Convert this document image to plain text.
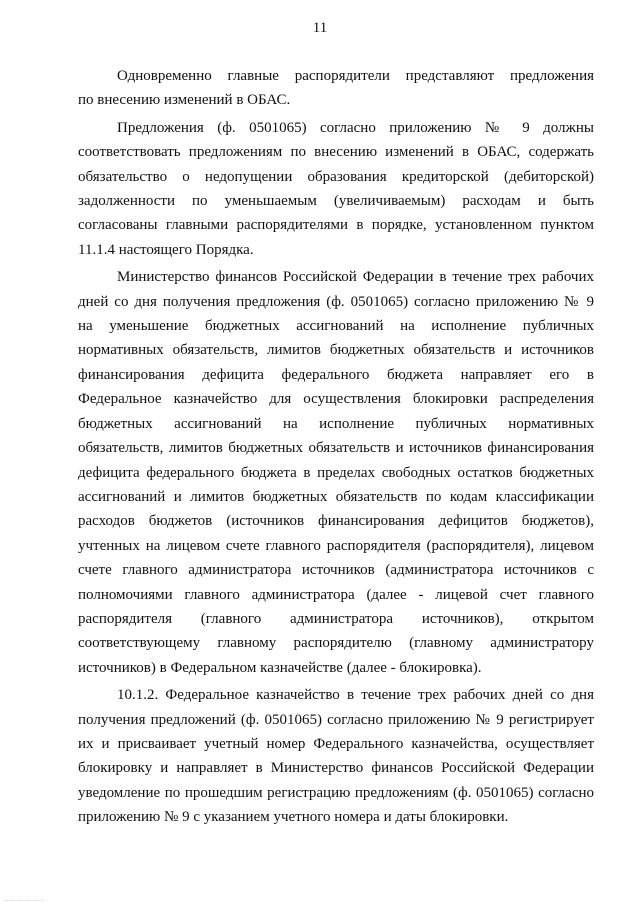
11

Одновременно главные распорядители представляют предложения
по внесению изменений в ОБАС.

Предложения (ф. 0501065) согласно приложению № 9 должны
соответствовать предложениям по внесению изменений в ОБАС, содержать
обязательство о недопущении образования кредиторской (дебиторской)
задолженности по уменьшаемым (увеличиваемым) расходам и быть
согласованы главными распорядителями в порядке, установленном пунктом
11.1.4 настоящего Порядка.

Министерство финансов Российской Федерации в течение трех рабочих
дней со дня получения предложения (ф. 0501065) согласно приложению № 9
на уменьшение бюджетных ассигнований на исполнение публичных
нормативных обязательств, лимитов бюджетных обязательств и источников
финансирования дефицита федерального бюджета направляет его в
Федеральное казначейство для осуществления блокировки распределения
бюджетных ассигнований на исполнение публичных нормативных
обязательств, лимитов бюджетных обязательств и источников финансирования
дефицита федерального бюджета в пределах свободных остатков бюджетных
ассигнований и лимитов бюджетных обязательств по кодам классификации
расходов бюджетов (источников финансирования дефицитов бюджетов),
учтенных на лицевом счете главного распорядителя (распорядителя), лицевом
счете главного администратора источников (администратора источников с
полномочиями главного администратора (далее - лицевой счет главного
распорядителя (главного администратора источников), открытом
соответствующему главному распорядителю (главному администратору
источников) в Федеральном казначействе (далее - блокировка).

10.1.2. Федеральное казначейство в течение трех рабочих дней со дня
получения предложений (ф. 0501065) согласно приложению № 9 регистрирует
их и присваивает учетный номер Федерального казначейства, осуществляет
блокировку и направляет в Министерство финансов Российской Федерации
уведомление по прошедшим регистрацию предложениям (ф. 0501065) согласно
приложению № 9 с указанием учетного номера и даты блокировки.
